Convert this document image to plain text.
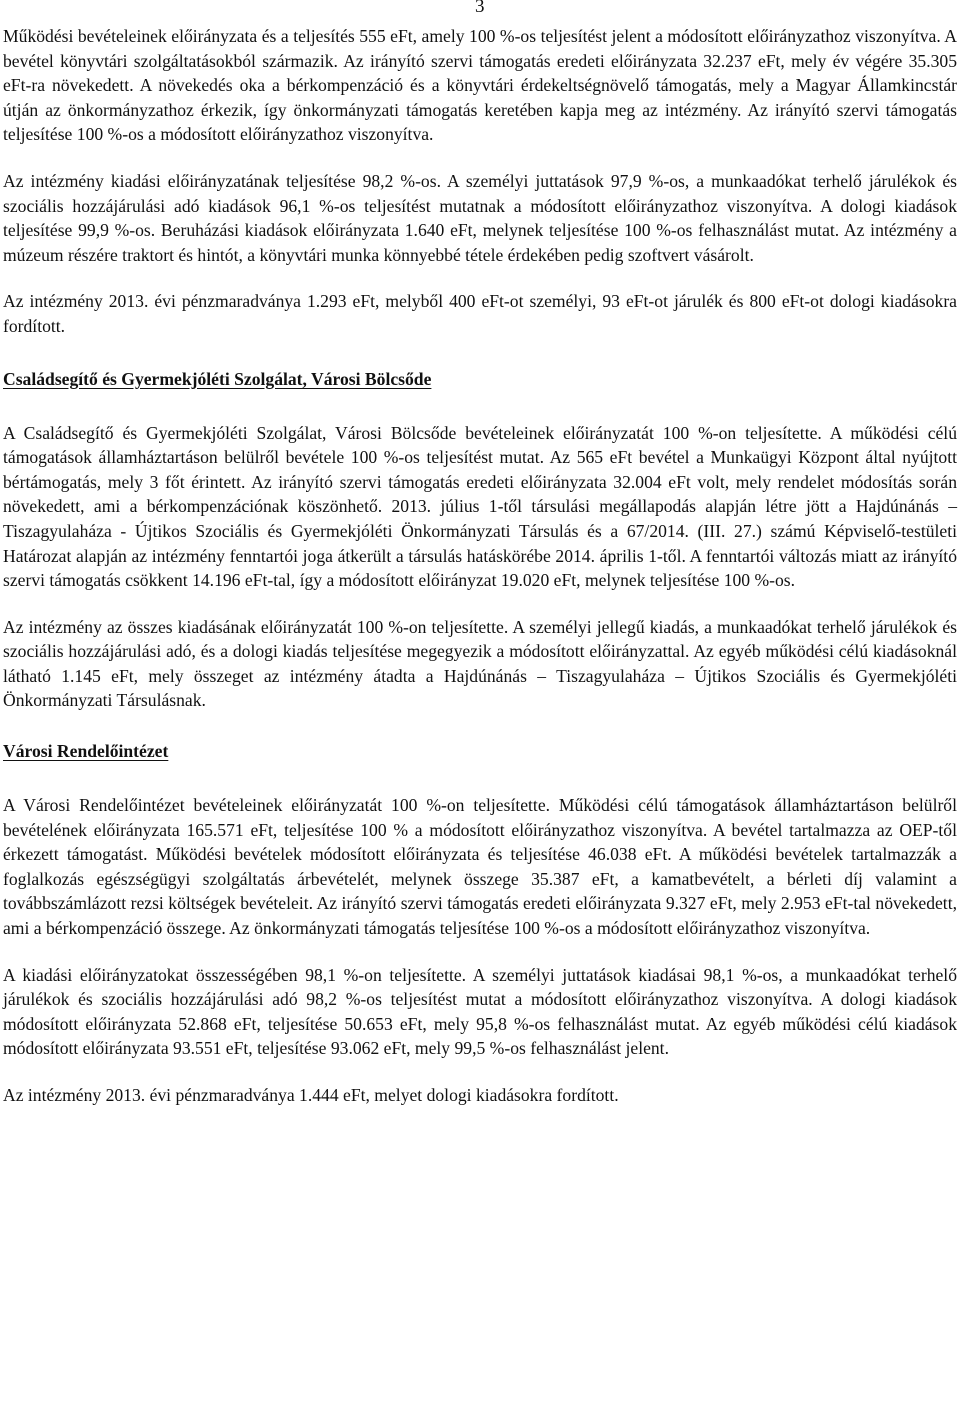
3

Működési bevételeinek előirányzata és a teljesítés 555 eFt, amely 100 %-os teljesítést jelent a módosított előirányzathoz viszonyítva. A bevétel könyvtári szolgáltatásokból származik. Az irányító szervi támogatás eredeti előirányzata 32.237 eFt, mely év végére 35.305 eFt-ra növekedett. A növekedés oka a bérkompenzáció és a könyvtári érdekeltségnövelő támogatás, mely a Magyar Államkincstár útján az önkormányzathoz érkezik, így önkormányzati támogatás keretében kapja meg az intézmény. Az irányító szervi támogatás teljesítése 100 %-os a módosított előirányzathoz viszonyítva.

Az intézmény kiadási előirányzatának teljesítése 98,2 %-os. A személyi juttatások 97,9 %-os, a munkaadókat terhelő járulékok és szociális hozzájárulási adó kiadások 96,1 %-os teljesítést mutatnak a módosított előirányzathoz viszonyítva. A dologi kiadások teljesítése 99,9 %-os. Beruházási kiadások előirányzata 1.640 eFt, melynek teljesítése 100 %-os felhasználást mutat. Az intézmény a múzeum részére traktort és hintót, a könyvtári munka könnyebbé tétele érdekében pedig szoftvert vásárolt.

Az intézmény 2013. évi pénzmaradványa 1.293 eFt, melyből 400 eFt-ot személyi, 93 eFt-ot járulék és 800 eFt-ot dologi kiadásokra fordított.

Családsegítő és Gyermekjóléti Szolgálat, Városi Bölcsőde

A Családsegítő és Gyermekjóléti Szolgálat, Városi Bölcsőde bevételeinek előirányzatát 100 %-on teljesítette. A működési célú támogatások államháztartáson belülről bevétele 100 %-os teljesítést mutat. Az 565 eFt bevétel a Munkaügyi Központ által nyújtott bértámogatás, mely 3 főt érintett. Az irányító szervi támogatás eredeti előirányzata 32.004 eFt volt, mely rendelet módosítás során növekedett, ami a bérkompenzációnak köszönhető. 2013. július 1-től társulási megállapodás alapján létre jött a Hajdúnánás – Tiszagyulaháza - Újtikos Szociális és Gyermekjóléti Önkormányzati Társulás és a 67/2014. (III. 27.) számú Képviselő-testületi Határozat alapján az intézmény fenntartói joga átkerült a társulás hatáskörébe 2014. április 1-től. A fenntartói változás miatt az irányító szervi támogatás csökkent 14.196 eFt-tal, így a módosított előirányzat 19.020 eFt, melynek teljesítése 100 %-os.

Az intézmény az összes kiadásának előirányzatát 100 %-on teljesítette. A személyi jellegű kiadás, a munkaadókat terhelő járulékok és szociális hozzájárulási adó, és a dologi kiadás teljesítése megegyezik a módosított előirányzattal. Az egyéb működési célú kiadásoknál látható 1.145 eFt, mely összeget az intézmény átadta a Hajdúnánás – Tiszagyulaháza – Újtikos Szociális és Gyermekjóléti Önkormányzati Társulásnak.

Városi Rendelőintézet

A Városi Rendelőintézet bevételeinek előirányzatát 100 %-on teljesítette. Működési célú támogatások államháztartáson belülről bevételének előirányzata 165.571 eFt, teljesítése 100 % a módosított előirányzathoz viszonyítva. A bevétel tartalmazza az OEP-től érkezett támogatást. Működési bevételek módosított előirányzata és teljesítése 46.038 eFt. A működési bevételek tartalmazzák a foglalkozás egészségügyi szolgáltatás árbevételét, melynek összege 35.387 eFt, a kamatbevételt, a bérleti díj valamint a továbbszámlázott rezsi költségek bevételeit. Az irányító szervi támogatás eredeti előirányzata 9.327 eFt, mely 2.953 eFt-tal növekedett, ami a bérkompenzáció összege. Az önkormányzati támogatás teljesítése 100 %-os a módosított előirányzathoz viszonyítva.

A kiadási előirányzatokat összességében 98,1 %-on teljesítette. A személyi juttatások kiadásai 98,1 %-os, a munkaadókat terhelő járulékok és szociális hozzájárulási adó 98,2 %-os teljesítést mutat a módosított előirányzathoz viszonyítva. A dologi kiadások módosított előirányzata 52.868 eFt, teljesítése 50.653 eFt, mely 95,8 %-os felhasználást mutat. Az egyéb működési célú kiadások módosított előirányzata 93.551 eFt, teljesítése 93.062 eFt, mely 99,5 %-os felhasználást jelent.

Az intézmény 2013. évi pénzmaradványa 1.444 eFt, melyet dologi kiadásokra fordított.
